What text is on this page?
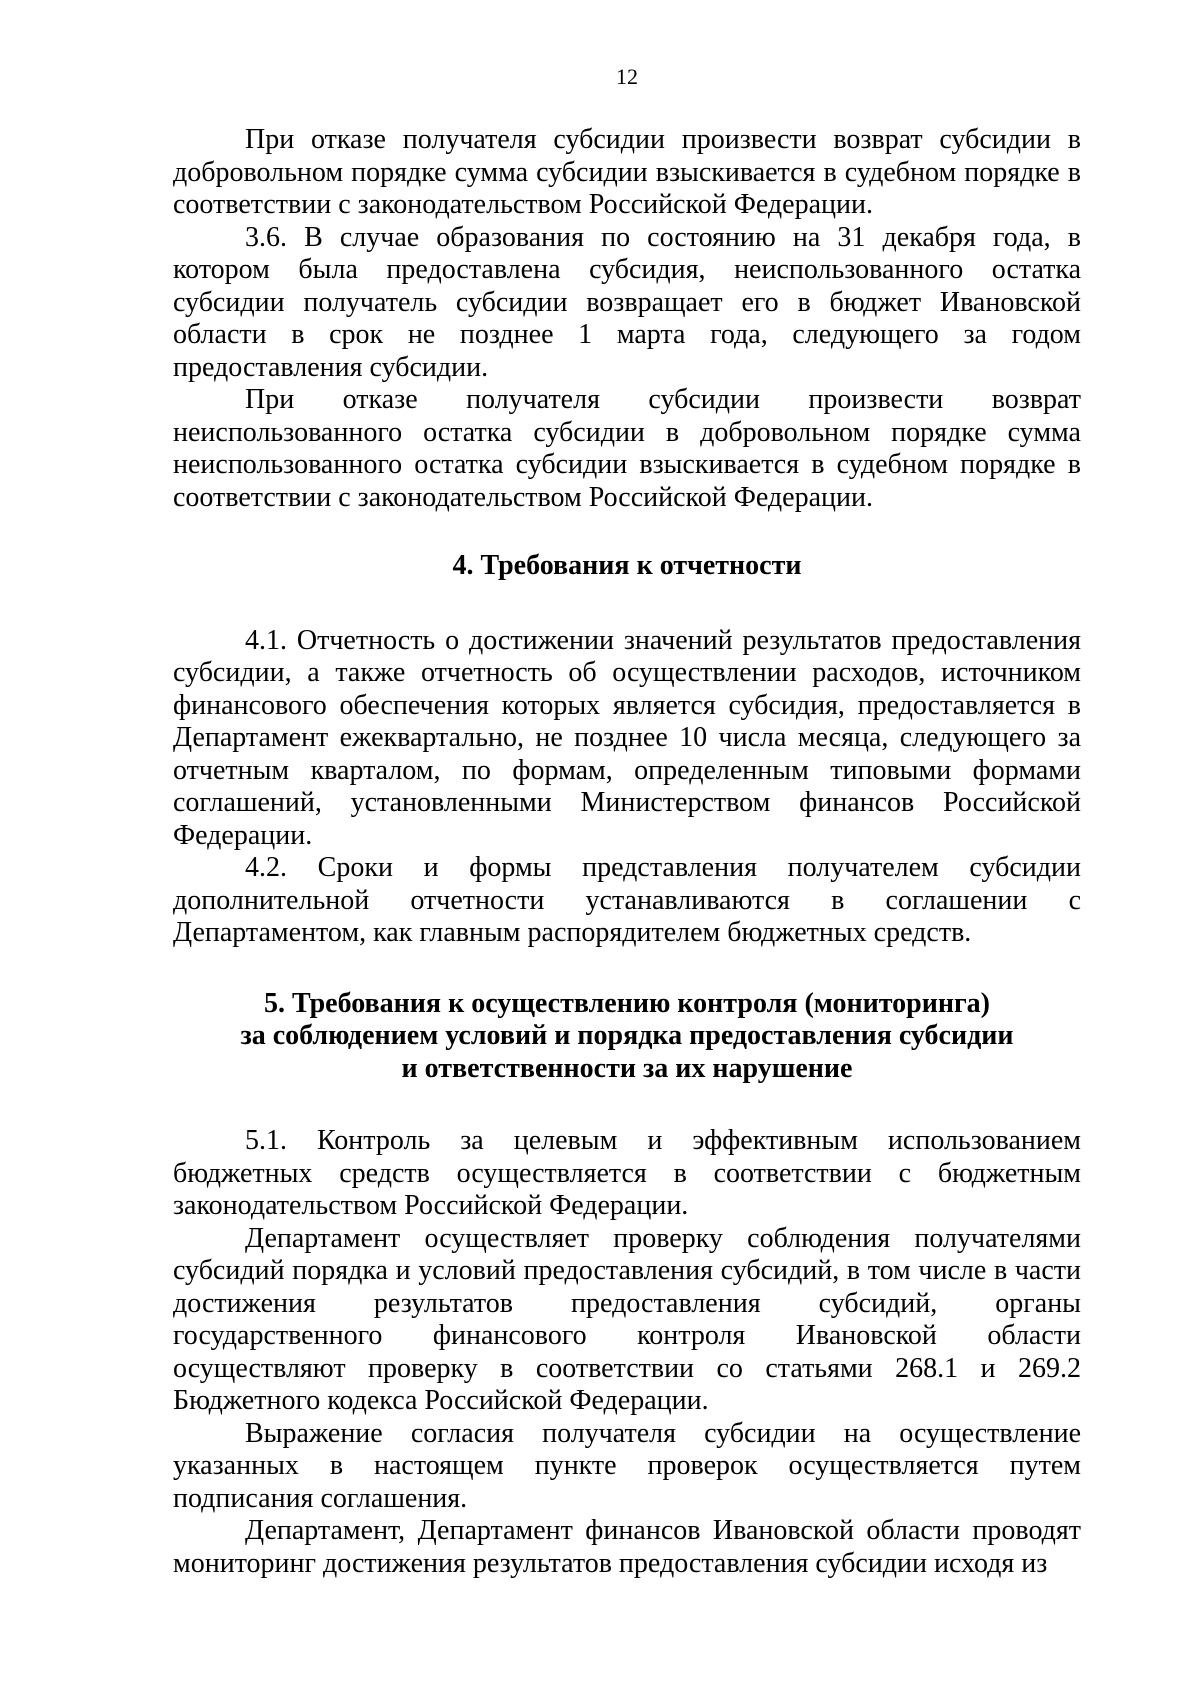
12

При отказе получателя субсидии произвести возврат субсидии в добровольном порядке сумма субсидии взыскивается в судебном порядке в соответствии с законодательством Российской Федерации.

3.6. В случае образования по состоянию на 31 декабря года, в котором была предоставлена субсидия, неиспользованного остатка субсидии получатель субсидии возвращает его в бюджет Ивановской области в срок не позднее 1 марта года, следующего за годом предоставления субсидии.

При отказе получателя субсидии произвести возврат неиспользованного остатка субсидии в добровольном порядке сумма неиспользованного остатка субсидии взыскивается в судебном порядке в соответствии с законодательством Российской Федерации.

4. Требования к отчетности

4.1. Отчетность о достижении значений результатов предоставления субсидии, а также отчетность об осуществлении расходов, источником финансового обеспечения которых является субсидия, предоставляется в Департамент ежеквартально, не позднее 10 числа месяца, следующего за отчетным кварталом, по формам, определенным типовыми формами соглашений, установленными Министерством финансов Российской Федерации.

4.2. Сроки и формы представления получателем субсидии дополнительной отчетности устанавливаются в соглашении с Департаментом, как главным распорядителем бюджетных средств.

5. Требования к осуществлению контроля (мониторинга)
за соблюдением условий и порядка предоставления субсидии
и ответственности за их нарушение

5.1. Контроль за целевым и эффективным использованием бюджетных средств осуществляется в соответствии с бюджетным законодательством Российской Федерации.

Департамент осуществляет проверку соблюдения получателями субсидий порядка и условий предоставления субсидий, в том числе в части достижения результатов предоставления субсидий, органы государственного финансового контроля Ивановской области осуществляют проверку в соответствии со статьями 268.1 и 269.2 Бюджетного кодекса Российской Федерации.

Выражение согласия получателя субсидии на осуществление указанных в настоящем пункте проверок осуществляется путем подписания соглашения.

Департамент, Департамент финансов Ивановской области проводят мониторинг достижения результатов предоставления субсидии исходя из
